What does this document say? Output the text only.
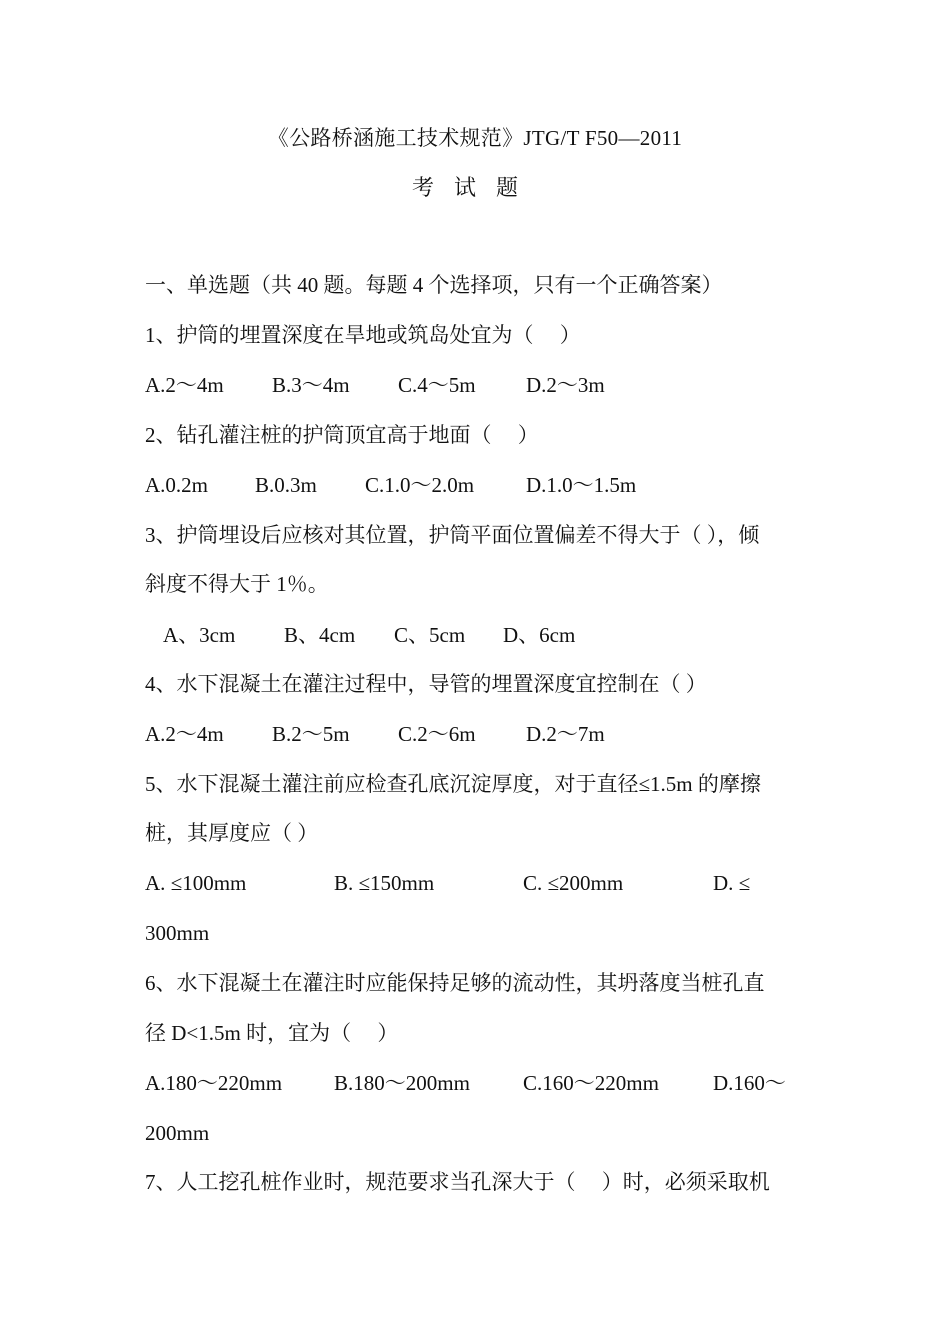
《公路桥涵施工技术规范》JTG/T F50—2011
考试题
一、单选题（共 40 题。每题 4 个选择项，只有一个正确答案）
1、护筒的埋置深度在旱地或筑岛处宜为（　 ）
A.2～4m B.3～4m C.4～5m D.2～3m
2、钻孔灌注桩的护筒顶宜高于地面（　 ）
A.0.2m B.0.3m C.1.0～2.0m D.1.0～1.5m
3、护筒埋设后应核对其位置，护筒平面位置偏差不得大于（ ），倾
斜度不得大于 1％。
A、3cm B、4cm C、5cm D、6cm
4、水下混凝土在灌注过程中，导管的埋置深度宜控制在（ ）
A.2～4m B.2～5m C.2～6m D.2～7m
5、水下混凝土灌注前应检查孔底沉淀厚度，对于直径≤1.5m 的摩擦
桩，其厚度应（ ）
A. ≤100mm	B. ≤150mm	C. ≤200mm	D. ≤
300mm
6、水下混凝土在灌注时应能保持足够的流动性，其坍落度当桩孔直
径 D<1.5m 时，宜为（　 ）
A.180～220mm B.180～200mm	C.160～220mm	D.160～
200mm
7、人工挖孔桩作业时，规范要求当孔深大于（　 ）时，必须采取机
